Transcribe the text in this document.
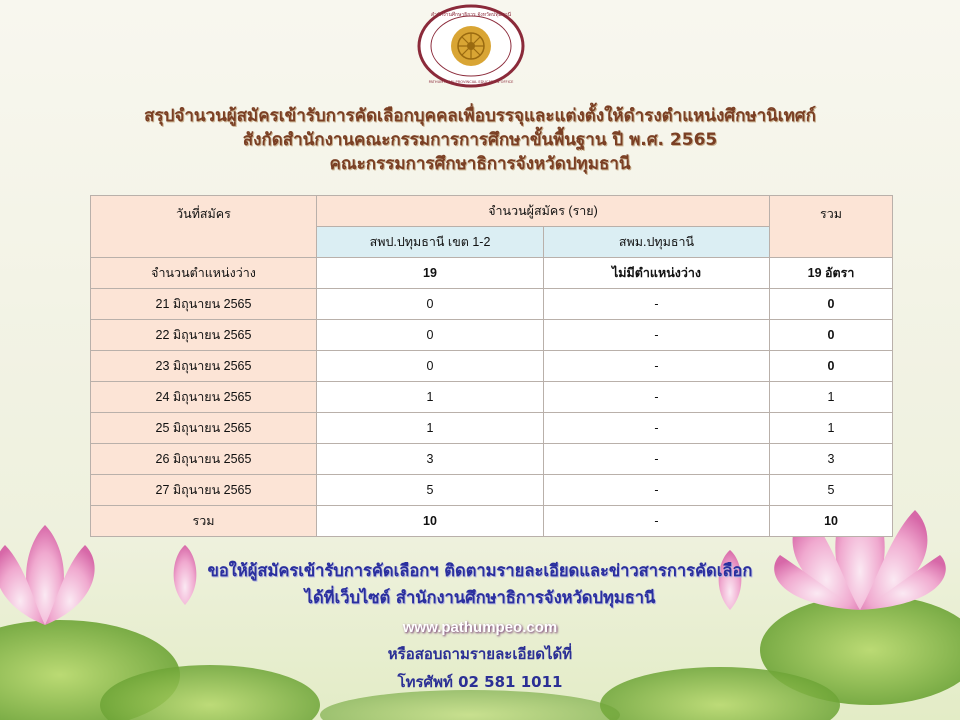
สำนักงานศึกษาธิการ จังหวัดปทุมธานี
PATHUMTHANI PROVINCIAL EDUCATION OFFICE
สรุปจำนวนผู้สมัครเข้ารับการคัดเลือกบุคคลเพื่อบรรจุและแต่งตั้งให้ดำรงตำแหน่งศึกษานิเทศก์
สังกัดสำนักงานคณะกรรมการการศึกษาขั้นพื้นฐาน ปี พ.ศ. 2565
คณะกรรมการศึกษาธิการจังหวัดปทุมธานี
วันที่สมัคร	จำนวนผู้สมัคร (ราย)		รวม
	สพป.ปทุมธานี เขต 1-2	สพม.ปทุมธานี	
จำนวนตำแหน่งว่าง	19	ไม่มีตำแหน่งว่าง	19 อัตรา
21 มิถุนายน 2565	0	-	0
22 มิถุนายน 2565	0	-	0
23 มิถุนายน 2565	0	-	0
24 มิถุนายน 2565	1	-	1
25 มิถุนายน 2565	1	-	1
26 มิถุนายน 2565	3	-	3
27 มิถุนายน 2565	5	-	5
รวม	10	-	10
ขอให้ผู้สมัครเข้ารับการคัดเลือกฯ ติดตามรายละเอียดและข่าวสารการคัดเลือก
ได้ที่เว็บไซต์ สำนักงานศึกษาธิการจังหวัดปทุมธานี
www.pathumpeo.com
หรือสอบถามรายละเอียดได้ที่
โทรศัพท์ 02 581 1011
